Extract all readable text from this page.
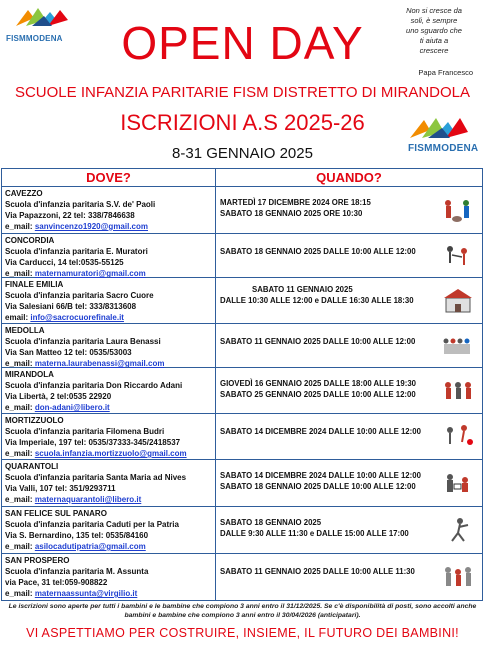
FISMMODENA
Non si cresce da
soli, è sempre
uno sguardo che
ti aiuta a
crescere
Papa Francesco
OPEN DAY
SCUOLE INFANZIA PARITARIE FISM DISTRETTO DI MIRANDOLA
ISCRIZIONI A.S 2025-26
8-31 GENNAIO 2025	FISMMODENA
DOVE?	QUANDO?
CAVEZZO
Scuola d'infanzia paritaria S.V. de' Paoli
Via Papazzoni, 22 tel: 338/7846638
e_mail: sanvincenzo1920@gmail.com
MARTEDÌ 17 DICEMBRE 2024 ORE 18:15
SABATO 18 GENNAIO 2025 ORE 10:30
CONCORDIA
Scuola d'infanzia paritaria E. Muratori
Via Carducci, 14 tel:0535-55125
e_mail: maternamuratori@gmail.com
SABATO 18 GENNAIO 2025 DALLE 10:00 ALLE 12:00
FINALE EMILIA
Scuola d'infanzia paritaria Sacro Cuore
Via Salesiani 66/B tel: 333/8313608
email: info@sacrocuorefinale.it
SABATO 11 GENNAIO 2025
DALLE 10:30 ALLE 12:00 e DALLE 16:30 ALLE 18:30
MEDOLLA
Scuola d'infanzia paritaria Laura Benassi
Via San Matteo 12 tel: 0535/53003
e_mail: materna.laurabenassi@gmail.com
SABATO 11 GENNAIO 2025 DALLE 10:00 ALLE 12:00
MIRANDOLA
Scuola d'infanzia paritaria Don Riccardo Adani
Via Libertà, 2 tel:0535 22920
e_mail: don-adani@libero.it
GIOVEDÌ 16 GENNAIO 2025 DALLE 18:00 ALLE 19:30
SABATO 25 GENNAIO 2025 DALLE 10:00 ALLE 12:00
MORTIZZUOLO
Scuola d'infanzia paritaria Filomena Budri
Via Imperiale, 197 tel: 0535/37333-345/2418537
e_mail: scuola.infanzia.mortizzuolo@gmail.com
SABATO 14 DICEMBRE 2024 DALLE 10:00 ALLE 12:00
QUARANTOLI
Scuola d'infanzia paritaria Santa Maria ad Nives
Via Valli, 107 tel: 351/9293711
e_mail: maternaquarantoli@libero.it
SABATO 14 DICEMBRE 2024 DALLE 10:00 ALLE 12:00
SABATO 18 GENNAIO 2025 DALLE 10:00 ALLE 12:00
SAN FELICE SUL PANARO
Scuola d'infanzia paritaria Caduti per la Patria
Via S. Bernardino, 135 tel: 0535/84160
e_mail: asilocadutipatria@gmail.com
SABATO 18 GENNAIO 2025
DALLE 9:30 ALLE 11:30 e DALLE 15:00 ALLE 17:00
SAN PROSPERO
Scuola d'infanzia paritaria M. Assunta
via Pace, 31 tel:059-908822
e_mail: maternaassunta@virgilio.it
SABATO 11 GENNAIO 2025 DALLE 10:00 ALLE 11:30
Le iscrizioni sono aperte per tutti i bambini e le bambine che compiono 3 anni entro il 31/12/2025. Se c'è disponibilità di posti, sono accolti anche bambini e bambine che compiono 3 anni entro il 30/04/2026 (anticipatari).
VI ASPETTIAMO PER COSTRUIRE, INSIEME, IL FUTURO DEI BAMBINI!
